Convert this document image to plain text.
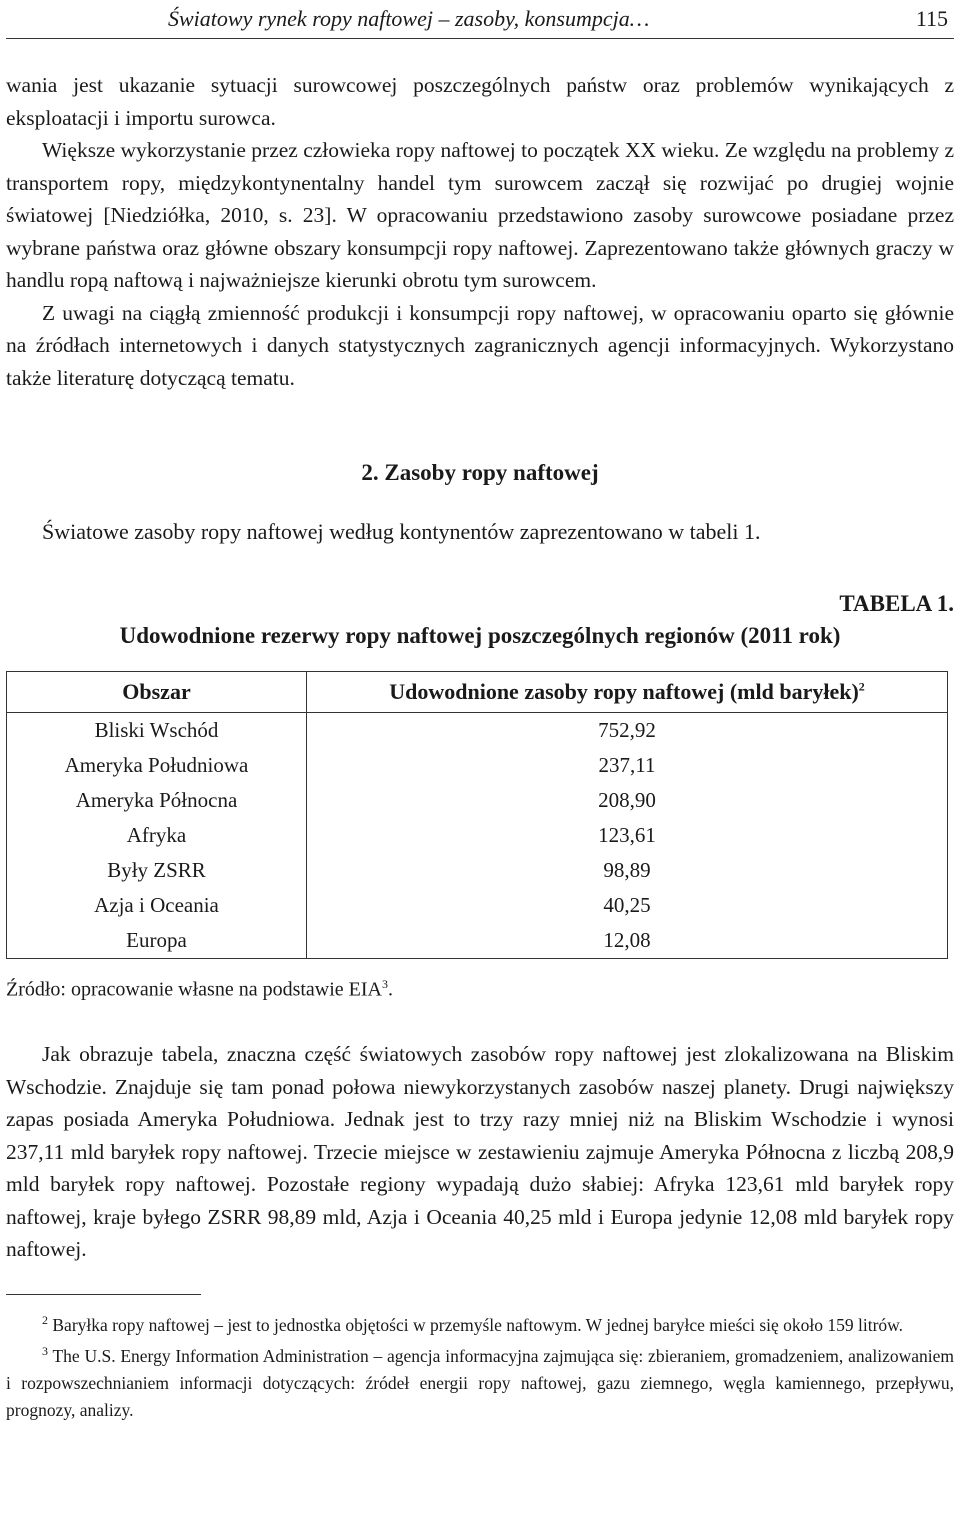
Światowy rynek ropy naftowej – zasoby, konsumpcja…	115

wania jest ukazanie sytuacji surowcowej poszczególnych państw oraz problemów wynikających z eksploatacji i importu surowca.

Większe wykorzystanie przez człowieka ropy naftowej to początek XX wieku. Ze względu na problemy z transportem ropy, międzykontynentalny handel tym surowcem zaczął się rozwijać po drugiej wojnie światowej [Niedziółka, 2010, s. 23]. W opracowaniu przedstawiono zasoby surowcowe posiadane przez wybrane państwa oraz główne obszary konsumpcji ropy naftowej. Zaprezentowano także głównych graczy w handlu ropą naftową i najważniejsze kierunki obrotu tym surowcem.

Z uwagi na ciągłą zmienność produkcji i konsumpcji ropy naftowej, w opracowaniu oparto się głównie na źródłach internetowych i danych statystycznych zagranicznych agencji informacyjnych. Wykorzystano także literaturę dotyczącą tematu.

2. Zasoby ropy naftowej

Światowe zasoby ropy naftowej według kontynentów zaprezentowano w tabeli 1.

TABELA 1.
Udowodnione rezerwy ropy naftowej poszczególnych regionów (2011 rok)
Obszar	Udowodnione zasoby ropy naftowej (mld baryłek)$^2$
Bliski Wschód	752,92
Ameryka Południowa	237,11
Ameryka Północna	208,90
Afryka	123,61
Były ZSRR	98,89
Azja i Oceania	40,25
Europa	12,08
Źródło: opracowanie własne na podstawie EIA$^3$.

Jak obrazuje tabela, znaczna część światowych zasobów ropy naftowej jest zlokalizowana na Bliskim Wschodzie. Znajduje się tam ponad połowa niewykorzystanych zasobów naszej planety. Drugi największy zapas posiada Ameryka Południowa. Jednak jest to trzy razy mniej niż na Bliskim Wschodzie i wynosi 237,11 mld baryłek ropy naftowej. Trzecie miejsce w zestawieniu zajmuje Ameryka Północna z liczbą 208,9 mld baryłek ropy naftowej. Pozostałe regiony wypadają dużo słabiej: Afryka 123,61 mld baryłek ropy naftowej, kraje byłego ZSRR 98,89 mld, Azja i Oceania 40,25 mld i Europa jedynie 12,08 mld baryłek ropy naftowej.

$^2$ Baryłka ropy naftowej – jest to jednostka objętości w przemyśle naftowym. W jednej baryłce mieści się około 159 litrów.
$^3$ The U.S. Energy Information Administration – agencja informacyjna zajmująca się: zbieraniem, gromadzeniem, analizowaniem i rozpowszechnianiem informacji dotyczących: źródeł energii ropy naftowej, gazu ziemnego, węgla kamiennego, przepływu, prognozy, analizy.
